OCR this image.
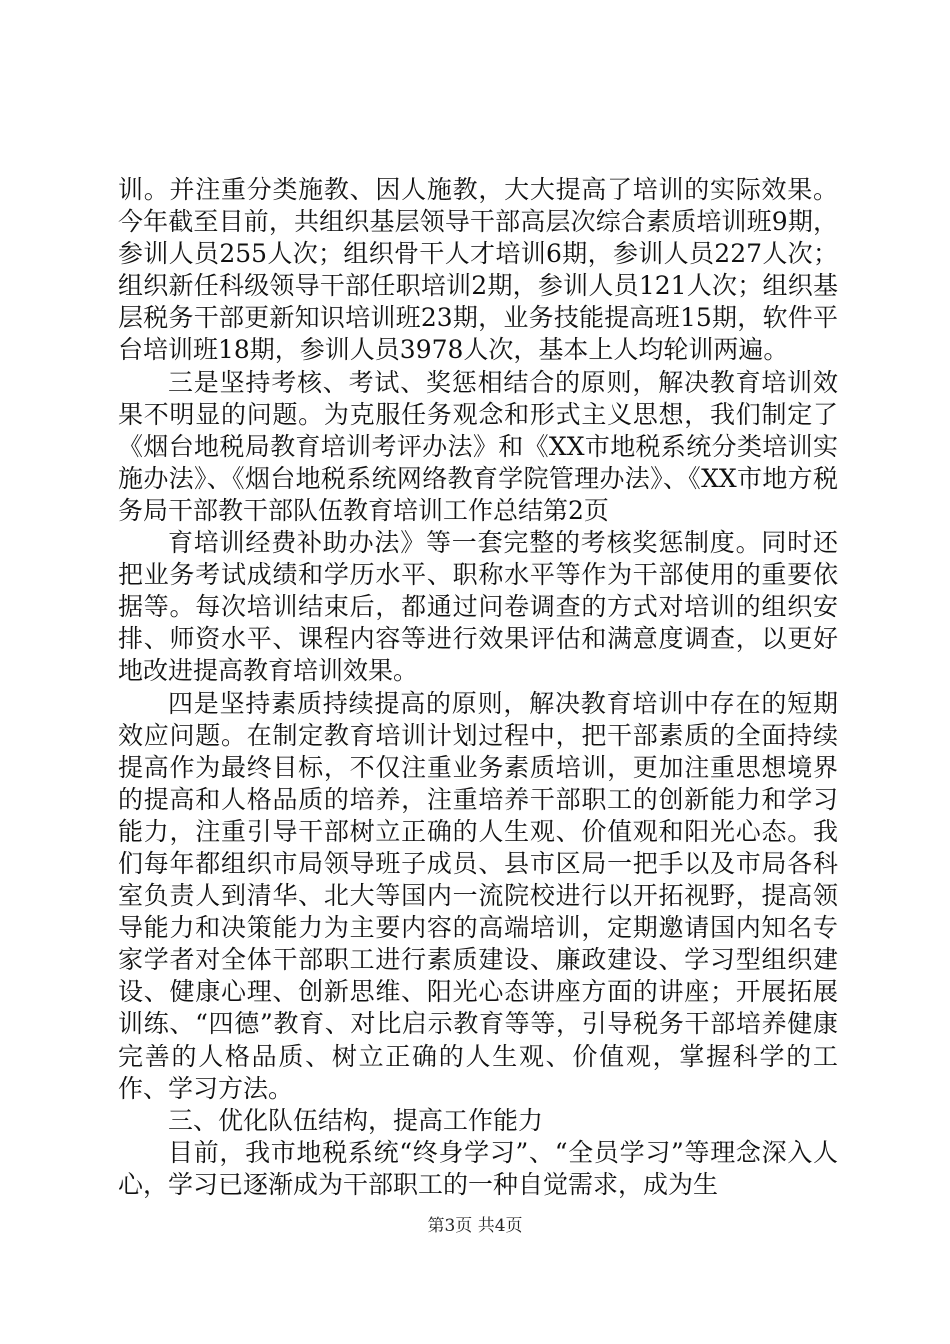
训。并注重分类施教、因人施教，大大提高了培训的实际效果。今年截至目前，共组织基层领导干部高层次综合素质培训班9期，参训人员255人次；组织骨干人才培训6期，参训人员227人次；组织新任科级领导干部任职培训2期，参训人员121人次；组织基层税务干部更新知识培训班23期，业务技能提高班15期，软件平台培训班18期，参训人员3978人次，基本上人均轮训两遍。

三是坚持考核、考试、奖惩相结合的原则，解决教育培训效果不明显的问题。为克服任务观念和形式主义思想，我们制定了《烟台地税局教育培训考评办法》和《XX市地税系统分类培训实施办法》、《烟台地税系统网络教育学院管理办法》、《XX市地方税务局干部教干部队伍教育培训工作总结第2页

育培训经费补助办法》等一套完整的考核奖惩制度。同时还把业务考试成绩和学历水平、职称水平等作为干部使用的重要依据等。每次培训结束后，都通过问卷调查的方式对培训的组织安排、师资水平、课程内容等进行效果评估和满意度调查，以更好地改进提高教育培训效果。

四是坚持素质持续提高的原则，解决教育培训中存在的短期效应问题。在制定教育培训计划过程中，把干部素质的全面持续提高作为最终目标，不仅注重业务素质培训，更加注重思想境界的提高和人格品质的培养，注重培养干部职工的创新能力和学习能力，注重引导干部树立正确的人生观、价值观和阳光心态。我们每年都组织市局领导班子成员、县市区局一把手以及市局各科室负责人到清华、北大等国内一流院校进行以开拓视野，提高领导能力和决策能力为主要内容的高端培训，定期邀请国内知名专家学者对全体干部职工进行素质建设、廉政建设、学习型组织建设、健康心理、创新思维、阳光心态讲座方面的讲座；开展拓展训练、“四德”教育、对比启示教育等等，引导税务干部培养健康完善的人格品质、树立正确的人生观、价值观，掌握科学的工作、学习方法。

三、优化队伍结构，提高工作能力

目前，我市地税系统“终身学习”、“全员学习”等理念深入人心，学习已逐渐成为干部职工的一种自觉需求，成为生

第3页 共4页
